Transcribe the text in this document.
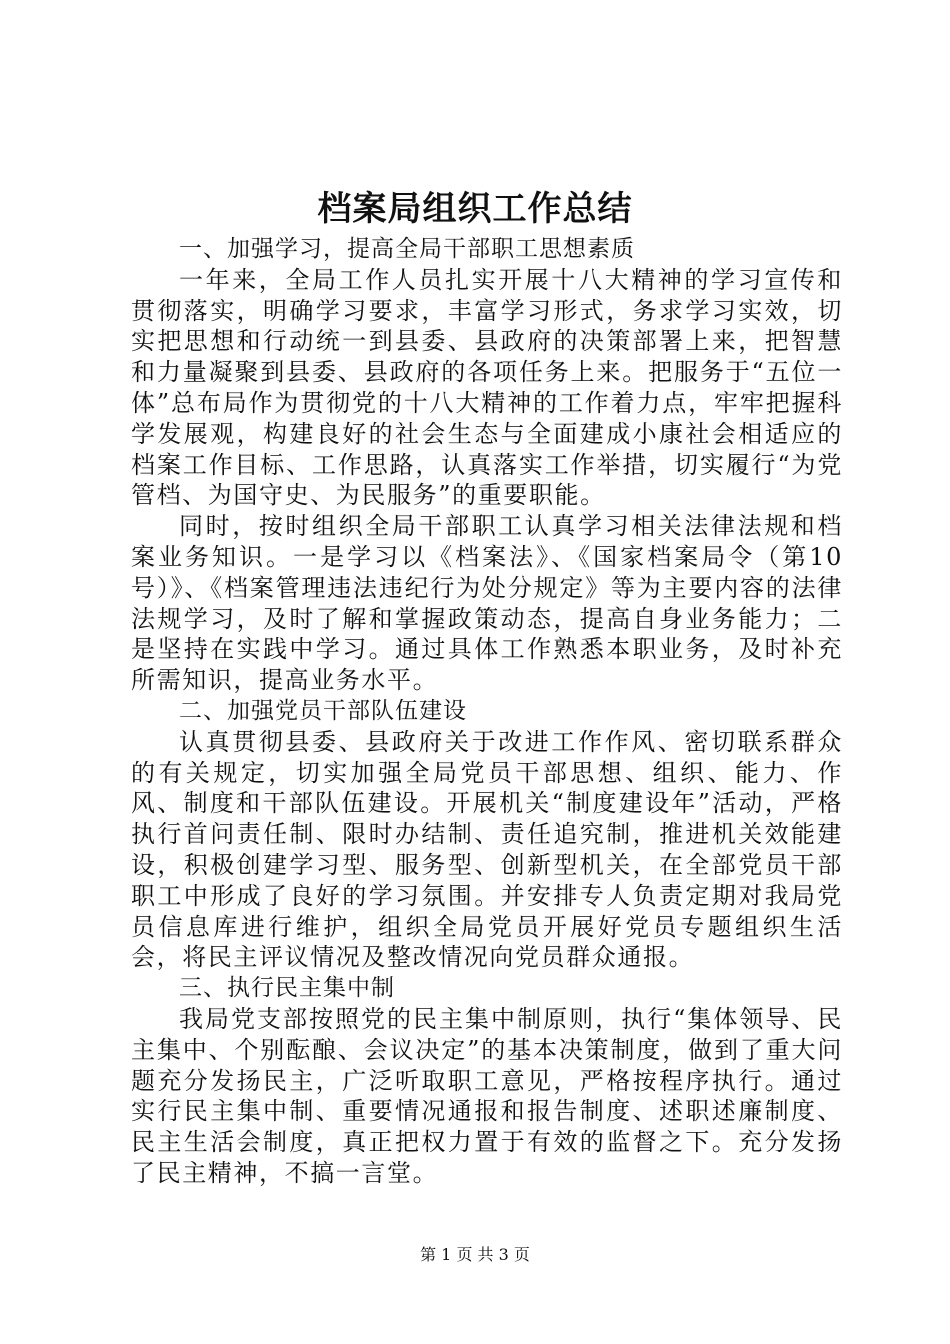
档案局组织工作总结

一、加强学习，提高全局干部职工思想素质

一年来，全局工作人员扎实开展十八大精神的学习宣传和贯彻落实，明确学习要求，丰富学习形式，务求学习实效，切实把思想和行动统一到县委、县政府的决策部署上来，把智慧和力量凝聚到县委、县政府的各项任务上来。把服务于“五位一体”总布局作为贯彻党的十八大精神的工作着力点，牢牢把握科学发展观，构建良好的社会生态与全面建成小康社会相适应的档案工作目标、工作思路，认真落实工作举措，切实履行“为党管档、为国守史、为民服务”的重要职能。

同时，按时组织全局干部职工认真学习相关法律法规和档案业务知识。一是学习以《档案法》、《国家档案局令（第10号）》、《档案管理违法违纪行为处分规定》等为主要内容的法律法规学习，及时了解和掌握政策动态，提高自身业务能力；二是坚持在实践中学习。通过具体工作熟悉本职业务，及时补充所需知识，提高业务水平。

二、加强党员干部队伍建设

认真贯彻县委、县政府关于改进工作作风、密切联系群众的有关规定，切实加强全局党员干部思想、组织、能力、作风、制度和干部队伍建设。开展机关“制度建设年”活动，严格执行首问责任制、限时办结制、责任追究制，推进机关效能建设，积极创建学习型、服务型、创新型机关，在全部党员干部职工中形成了良好的学习氛围。并安排专人负责定期对我局党员信息库进行维护，组织全局党员开展好党员专题组织生活会，将民主评议情况及整改情况向党员群众通报。

三、执行民主集中制

我局党支部按照党的民主集中制原则，执行“集体领导、民主集中、个别酝酿、会议决定”的基本决策制度，做到了重大问题充分发扬民主，广泛听取职工意见，严格按程序执行。通过实行民主集中制、重要情况通报和报告制度、述职述廉制度、民主生活会制度，真正把权力置于有效的监督之下。充分发扬了民主精神，不搞一言堂。

第 1 页 共 3 页
